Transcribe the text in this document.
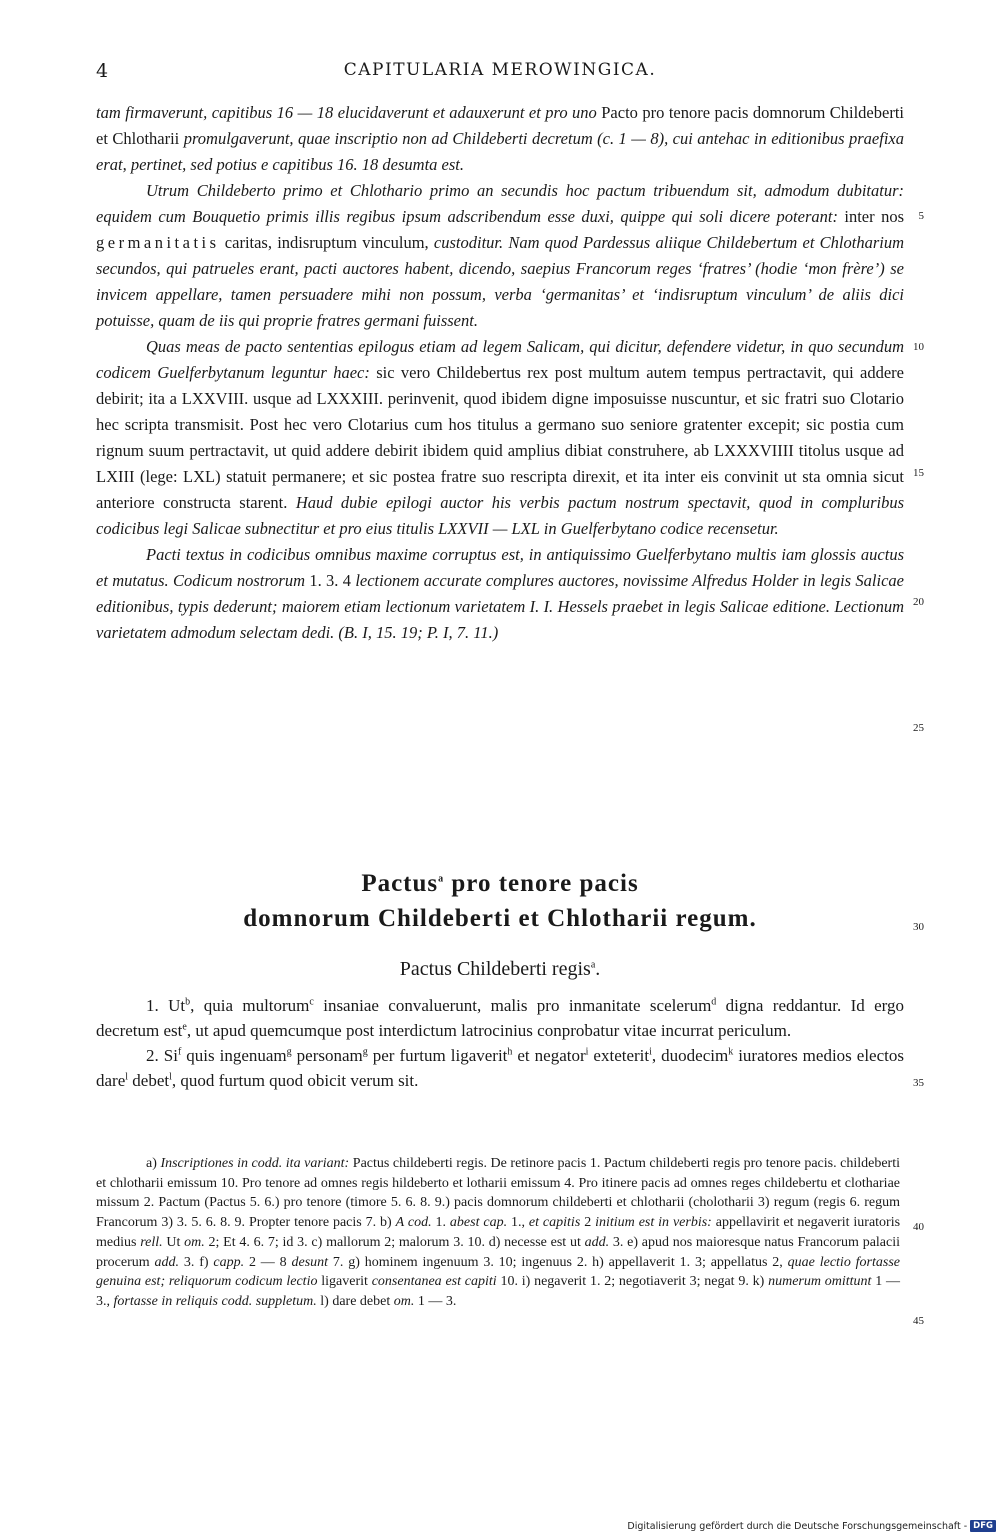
4	CAPITULARIA MEROWINGICA.

tam firmaverunt, capitibus 16 — 18 elucidaverunt et adauxerunt et pro uno Pacto pro tenore pacis domnorum Childeberti et Chlotharii promulgaverunt, quae inscriptio non ad Childeberti decretum (c. 1 — 8), cui antehac in editionibus praefixa erat, pertinet, sed potius e capitibus 16. 18 desumta est.

Utrum Childeberto primo et Chlothario primo an secundis hoc pactum tribuendum sit, admodum dubitatur: equidem cum Bouquetio primis illis regibus ipsum adscribendum esse duxi, quippe qui soli dicere poterant: inter nos germanitatis caritas, indisruptum vinculum, custoditur. Nam quod Pardessus aliique Childebertum et Chlotharium secundos, qui patrueles erant, pacti auctores habent, dicendo, saepius Francorum reges ‘fratres’ (hodie ‘mon frère’) se invicem appellare, tamen persuadere mihi non possum, verba ‘germanitas’ et ‘indisruptum vinculum’ de aliis dici potuisse, quam de iis qui proprie fratres germani fuissent.

Quas meas de pacto sententias epilogus etiam ad legem Salicam, qui dicitur, defendere videtur, in quo secundum codicem Guelferbytanum leguntur haec: sic vero Childebertus rex post multum autem tempus pertractavit, qui addere debirit; ita a LXXVIII. usque ad LXXXIII. perinvenit, quod ibidem digne imposuisse nuscuntur, et sic fratri suo Clotario hec scripta transmisit. Post hec vero Clotarius cum hos titulus a germano suo seniore gratenter excepit; sic postia cum rignum suum pertractavit, ut quid addere debirit ibidem quid amplius dibiat construhere, ab LXXXVIIII titolus usque ad LXIII (lege: LXL) statuit permanere; et sic postea fratre suo rescripta direxit, et ita inter eis convinit ut sta omnia sicut anteriore constructa starent. Haud dubie epilogi auctor his verbis pactum nostrum spectavit, quod in compluribus codicibus legi Salicae subnectitur et pro eius titulis LXXVII — LXL in Guelferbytano codice recensetur.

Pacti textus in codicibus omnibus maxime corruptus est, in antiquissimo Guelferbytano multis iam glossis auctus et mutatus. Codicum nostrorum 1. 3. 4 lectionem accurate complures auctores, novissime Alfredus Holder in legis Salicae editionibus, typis dederunt; maiorem etiam lectionum varietatem I. I. Hessels praebet in legis Salicae editione. Lectionum varietatem admodum selectam dedi. (B. I, 15. 19; P. I, 7. 11.)

5
10
15
20
25
30
35
40
45
Pactus$^a$ pro tenore pacis
domnorum Childeberti et Chlotharii regum.
Pactus Childeberti regis$^a$.

1. Ut$^b$, quia multorum$^c$ insaniae convaluerunt, malis pro inmanitate scelerum$^d$ digna reddantur. Id ergo decretum est$^e$, ut apud quemcumque post interdictum latrocinius conprobatur vitae incurrat periculum.

2. Si$^f$ quis ingenuam$^g$ personam$^g$ per furtum ligaverit$^h$ et negator$^i$ exteterit$^i$, duodecim$^k$ iuratores medios electos dare$^l$ debet$^l$, quod furtum quod obicit verum sit.

a) Inscriptiones in codd. ita variant: Pactus childeberti regis. De retinore pacis 1. Pactum childeberti regis pro tenore pacis. childeberti et chlotharii emissum 10. Pro tenore ad omnes regis hildeberto et lotharii emissum 4. Pro itinere pacis ad omnes reges childebertu et clothariae missum 2. Pactum (Pactus 5. 6.) pro tenore (timore 5. 6. 8. 9.) pacis domnorum childeberti et chlotharii (cholotharii 3) regum (regis 6. regum Francorum 3) 3. 5. 6. 8. 9. Propter tenore pacis 7. b) A cod. 1. abest cap. 1., et capitis 2 initium est in verbis: appellavirit et negaverit iuratoris medius rell. Ut om. 2; Et 4. 6. 7; id 3. c) mallorum 2; malorum 3. 10. d) necesse est ut add. 3. e) apud nos maioresque natus Francorum palacii procerum add. 3. f) capp. 2 — 8 desunt 7. g) hominem ingenuum 3. 10; ingenuus 2. h) appellaverit 1. 3; appellatus 2, quae lectio fortasse genuina est; reliquorum codicum lectio ligaverit consentanea est capiti 10. i) negaverit 1. 2; negotiaverit 3; negat 9. k) numerum omittunt 1 — 3., fortasse in reliquis codd. suppletum. l) dare debet om. 1 — 3.

Digitalisierung gefördert durch die Deutsche Forschungsgemeinschaft - DFG
